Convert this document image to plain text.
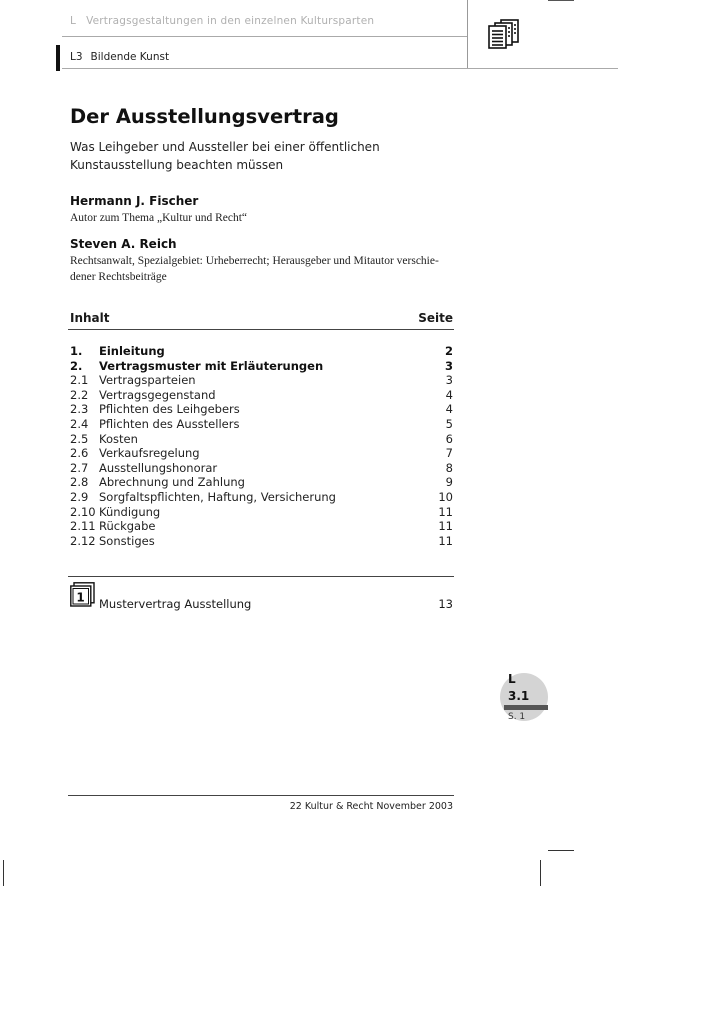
L Vertragsgestaltungen in den einzelnen Kultursparten
L3 Bildende Kunst
Der Ausstellungsvertrag
Was Leihgeber und Aussteller bei einer öffentlichen Kunstausstellung beachten müssen
Hermann J. Fischer
Autor zum Thema „Kultur und Recht“
Steven A. Reich
Rechtsanwalt, Spezialgebiet: Urheberrecht; Herausgeber und Mitautor verschie-dener Rechtsbeiträge
Inhalt	Seite
1. Einleitung	2
2. Vertragsmuster mit Erläuterungen	3
2.1 Vertragsparteien	3
2.2 Vertragsgegenstand	4
2.3 Pflichten des Leihgebers	4
2.4 Pflichten des Ausstellers	5
2.5 Kosten	6
2.6 Verkaufsregelung	7
2.7 Ausstellungshonorar	8
2.8 Abrechnung und Zahlung	9
2.9 Sorgfaltspflichten, Haftung, Versicherung	10
2.10 Kündigung	11
2.11 Rückgabe	11
2.12 Sonstiges	11
1 Mustervertrag Ausstellung	13
L
3.1
S. 1
22 Kultur & Recht November 2003
